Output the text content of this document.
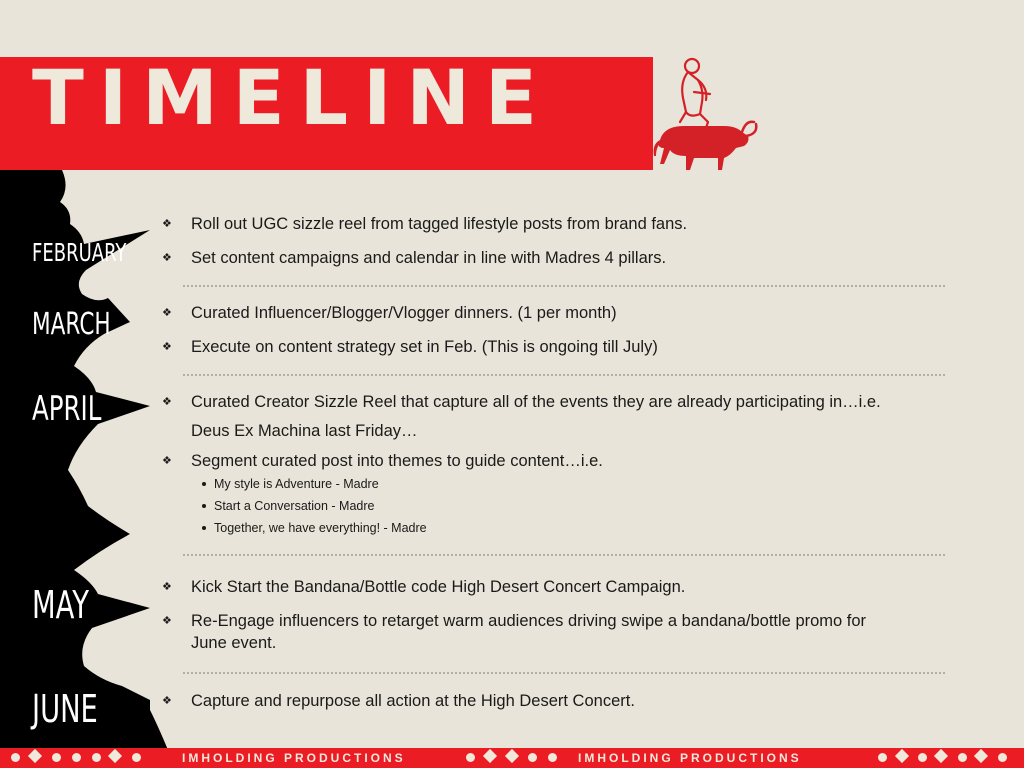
TIMELINE
FEBRUARY
MARCH
APRIL
MAY
JUNE
❖ Roll out UGC sizzle reel from tagged lifestyle posts from brand fans.
❖ Set content campaigns and calendar in line with Madres 4 pillars.
❖ Curated Influencer/Blogger/Vlogger dinners. (1 per month)
❖ Execute on content strategy set in Feb. (This is ongoing till July)
❖ Curated Creator Sizzle Reel that capture all of the events they are already participating in…i.e.
Deus Ex Machina last Friday…
❖ Segment curated post into themes to guide content…i.e.
My style is Adventure - Madre
Start a Conversation - Madre
Together, we have everything! - Madre
❖ Kick Start the Bandana/Bottle code High Desert Concert Campaign.
❖ Re-Engage influencers to retarget warm audiences driving swipe a bandana/bottle promo for
June event.
❖ Capture and repurpose all action at the High Desert Concert.
IMHOLDING PRODUCTIONS	IMHOLDING PRODUCTIONS
